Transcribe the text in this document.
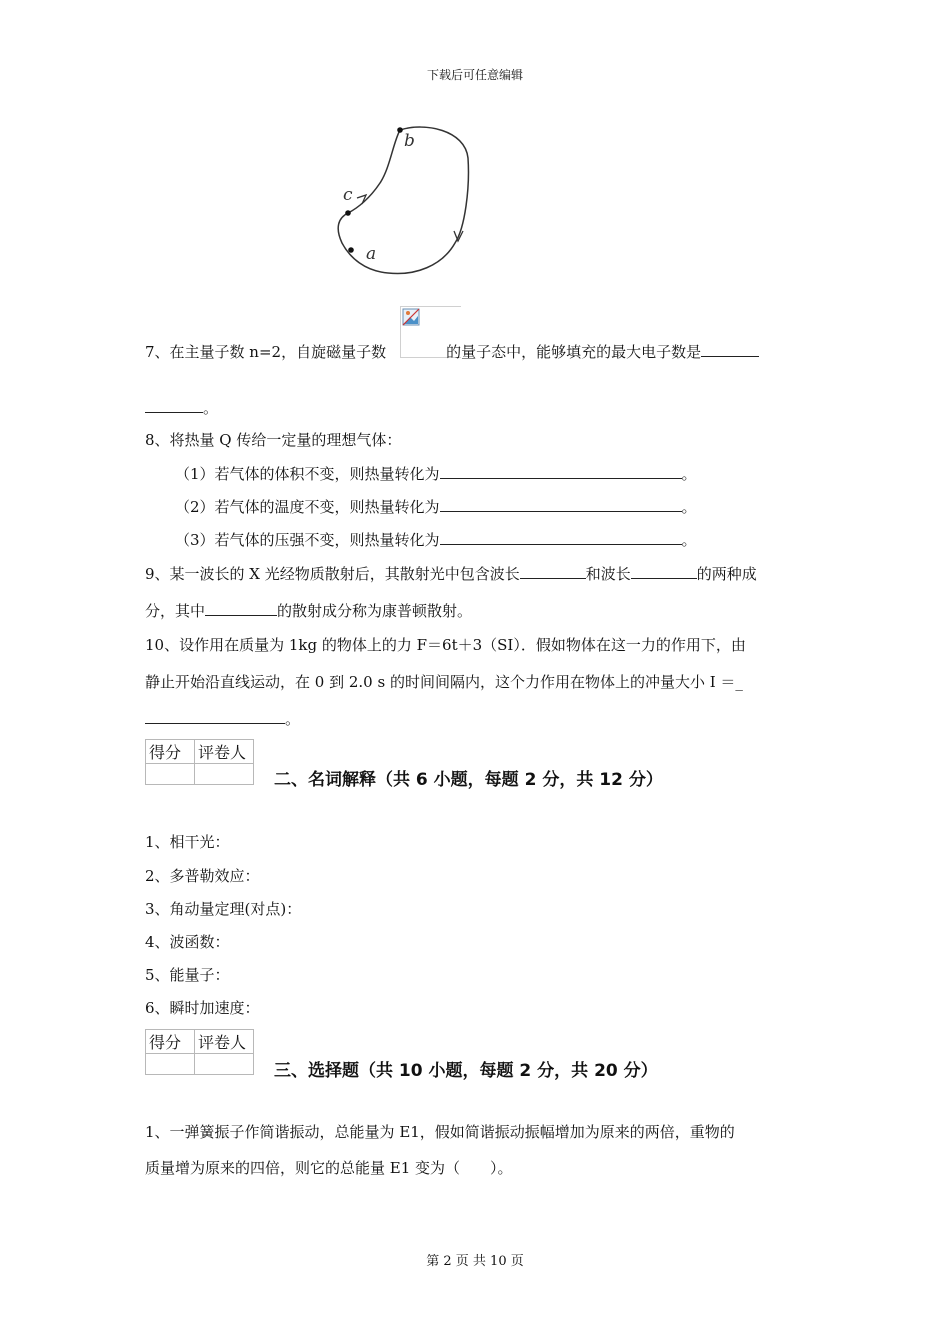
下载后可任意编辑
b
c
a
7、在主量子数 n=2，自旋磁量子数	的量子态中，能够填充的最大电子数是
。
8、将热量 Q 传给一定量的理想气体：
（1）若气体的体积不变，则热量转化为	。
（2）若气体的温度不变，则热量转化为	。
（3）若气体的压强不变，则热量转化为	。
9、某一波长的 X 光经物质散射后，其散射光中包含波长	和波长	的两种成
分，其中	的散射成分称为康普顿散射。
10、设作用在质量为 1kg 的物体上的力 F＝6t＋3（SI）．假如物体在这一力的作用下，由
静止开始沿直线运动，在 0 到 2.0 s 的时间间隔内，这个力作用在物体上的冲量大小 I ＝_
。
得分	评卷人

二、名词解释（共 6 小题，每题 2 分，共 12 分）
1、相干光：
2、多普勒效应：
3、角动量定理(对点)：
4、波函数：
5、能量子：
6、瞬时加速度：
得分	评卷人

三、选择题（共 10 小题，每题 2 分，共 20 分）
1、一弹簧振子作简谐振动，总能量为 E1，假如简谐振动振幅增加为原来的两倍，重物的
质量增为原来的四倍，则它的总能量 E1 变为（　　）。
第 2 页 共 10 页
